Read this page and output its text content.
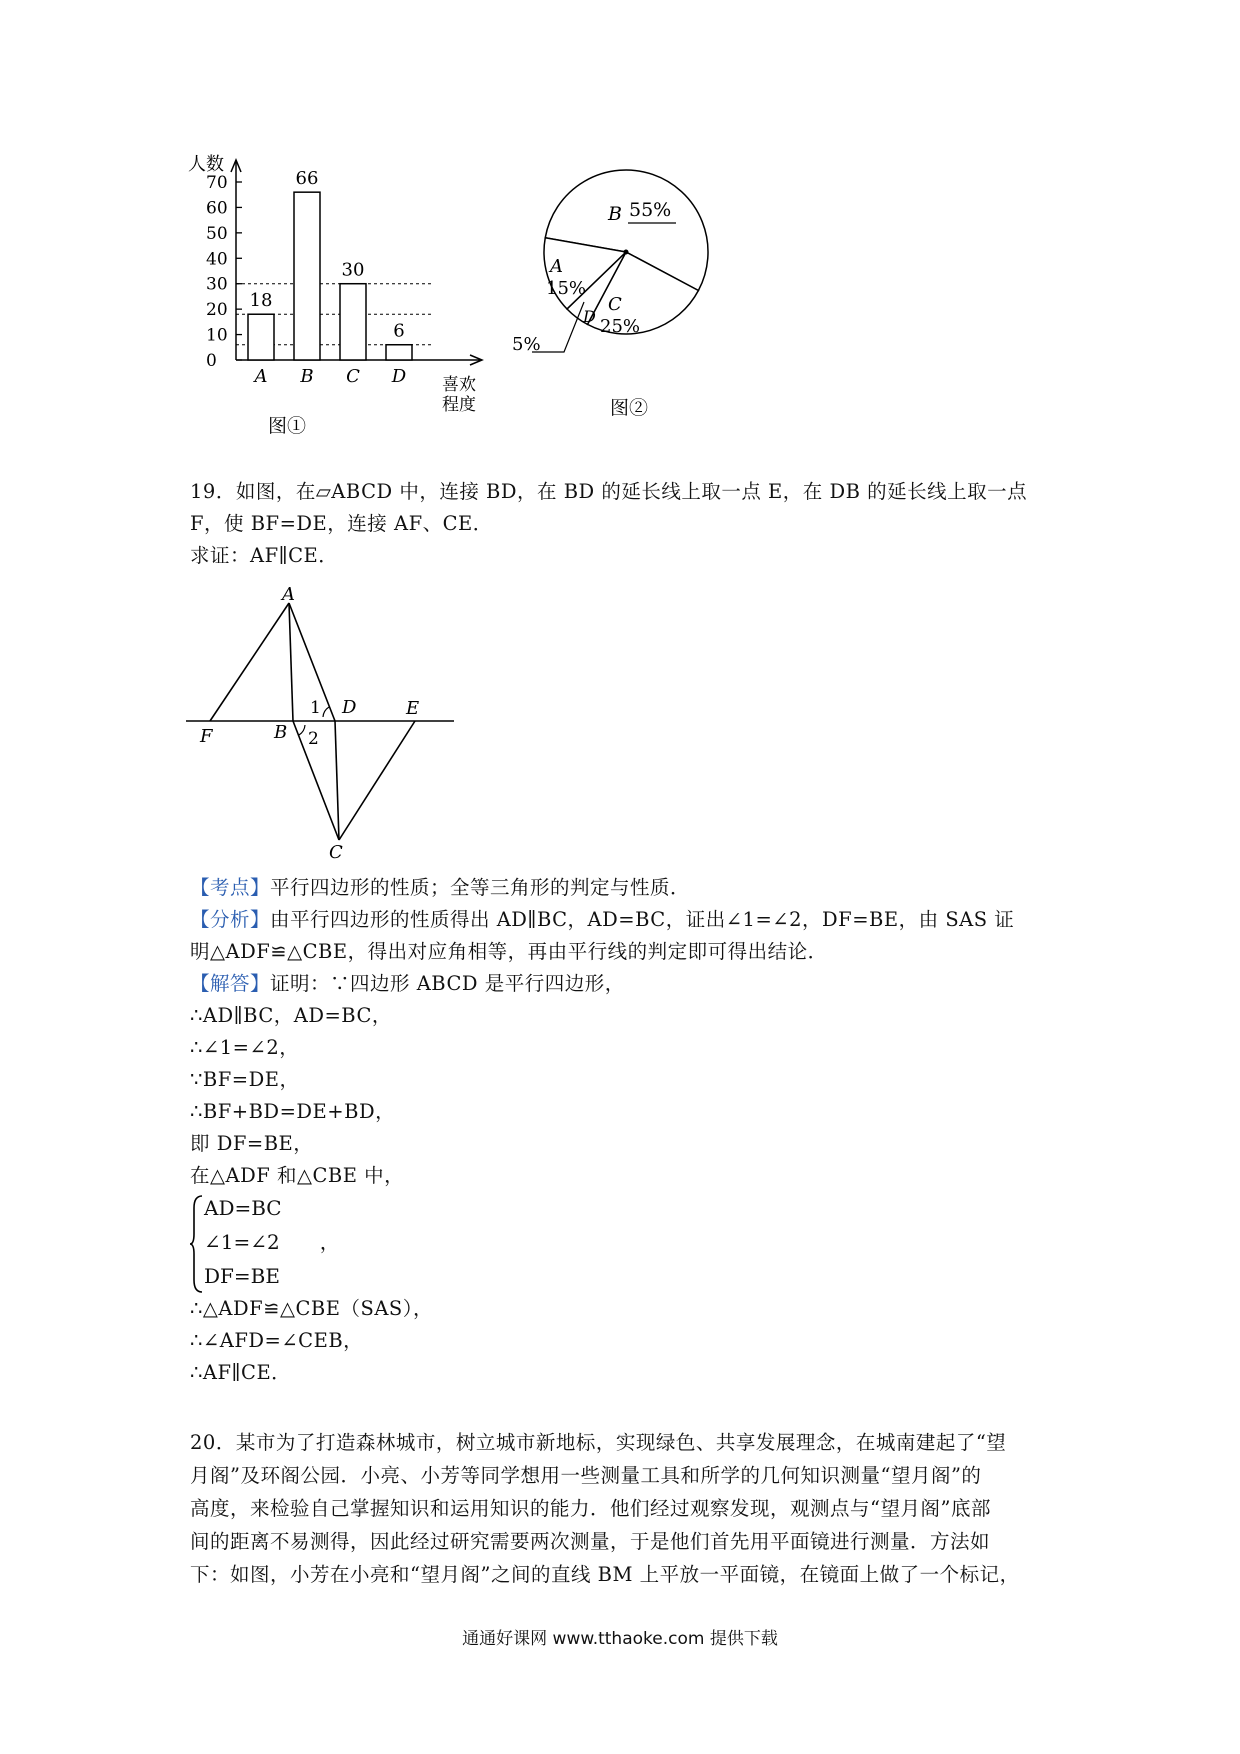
人数
喜欢
程度
0
10
20
30
40
50
60
70
18
A
66
B
30
C
6
D
图①
B 55%
A
15%
C
25%
D
5%
图②

19．如图，在▱ABCD 中，连接 BD，在 BD 的延长线上取一点 E，在 DB 的延长线上取一点
F，使 BF=DE，连接 AF、CE．
求证：AF∥CE．

A
F	B
D	E
C
1
2

【考点】平行四边形的性质；全等三角形的判定与性质．
【分析】由平行四边形的性质得出 AD∥BC，AD=BC，证出∠1=∠2，DF=BE，由 SAS 证
明△ADF≌△CBE，得出对应角相等，再由平行线的判定即可得出结论．
【解答】证明：∵四边形 ABCD 是平行四边形，
∴AD∥BC，AD=BC，
∴∠1=∠2，
∵BF=DE，
∴BF+BD=DE+BD，
即 DF=BE，
在△ADF 和△CBE 中，

AD=BC
∠1=∠2 ，
DF=BE

∴△ADF≌△CBE（SAS），
∴∠AFD=∠CEB，
∴AF∥CE．

20．某市为了打造森林城市，树立城市新地标，实现绿色、共享发展理念，在城南建起了“望
月阁”及环阁公园．小亮、小芳等同学想用一些测量工具和所学的几何知识测量“望月阁”的
高度，来检验自己掌握知识和运用知识的能力．他们经过观察发现，观测点与“望月阁”底部
间的距离不易测得，因此经过研究需要两次测量，于是他们首先用平面镜进行测量．方法如
下：如图，小芳在小亮和“望月阁”之间的直线 BM 上平放一平面镜，在镜面上做了一个标记，

通通好课网 www.tthaoke.com 提供下载
